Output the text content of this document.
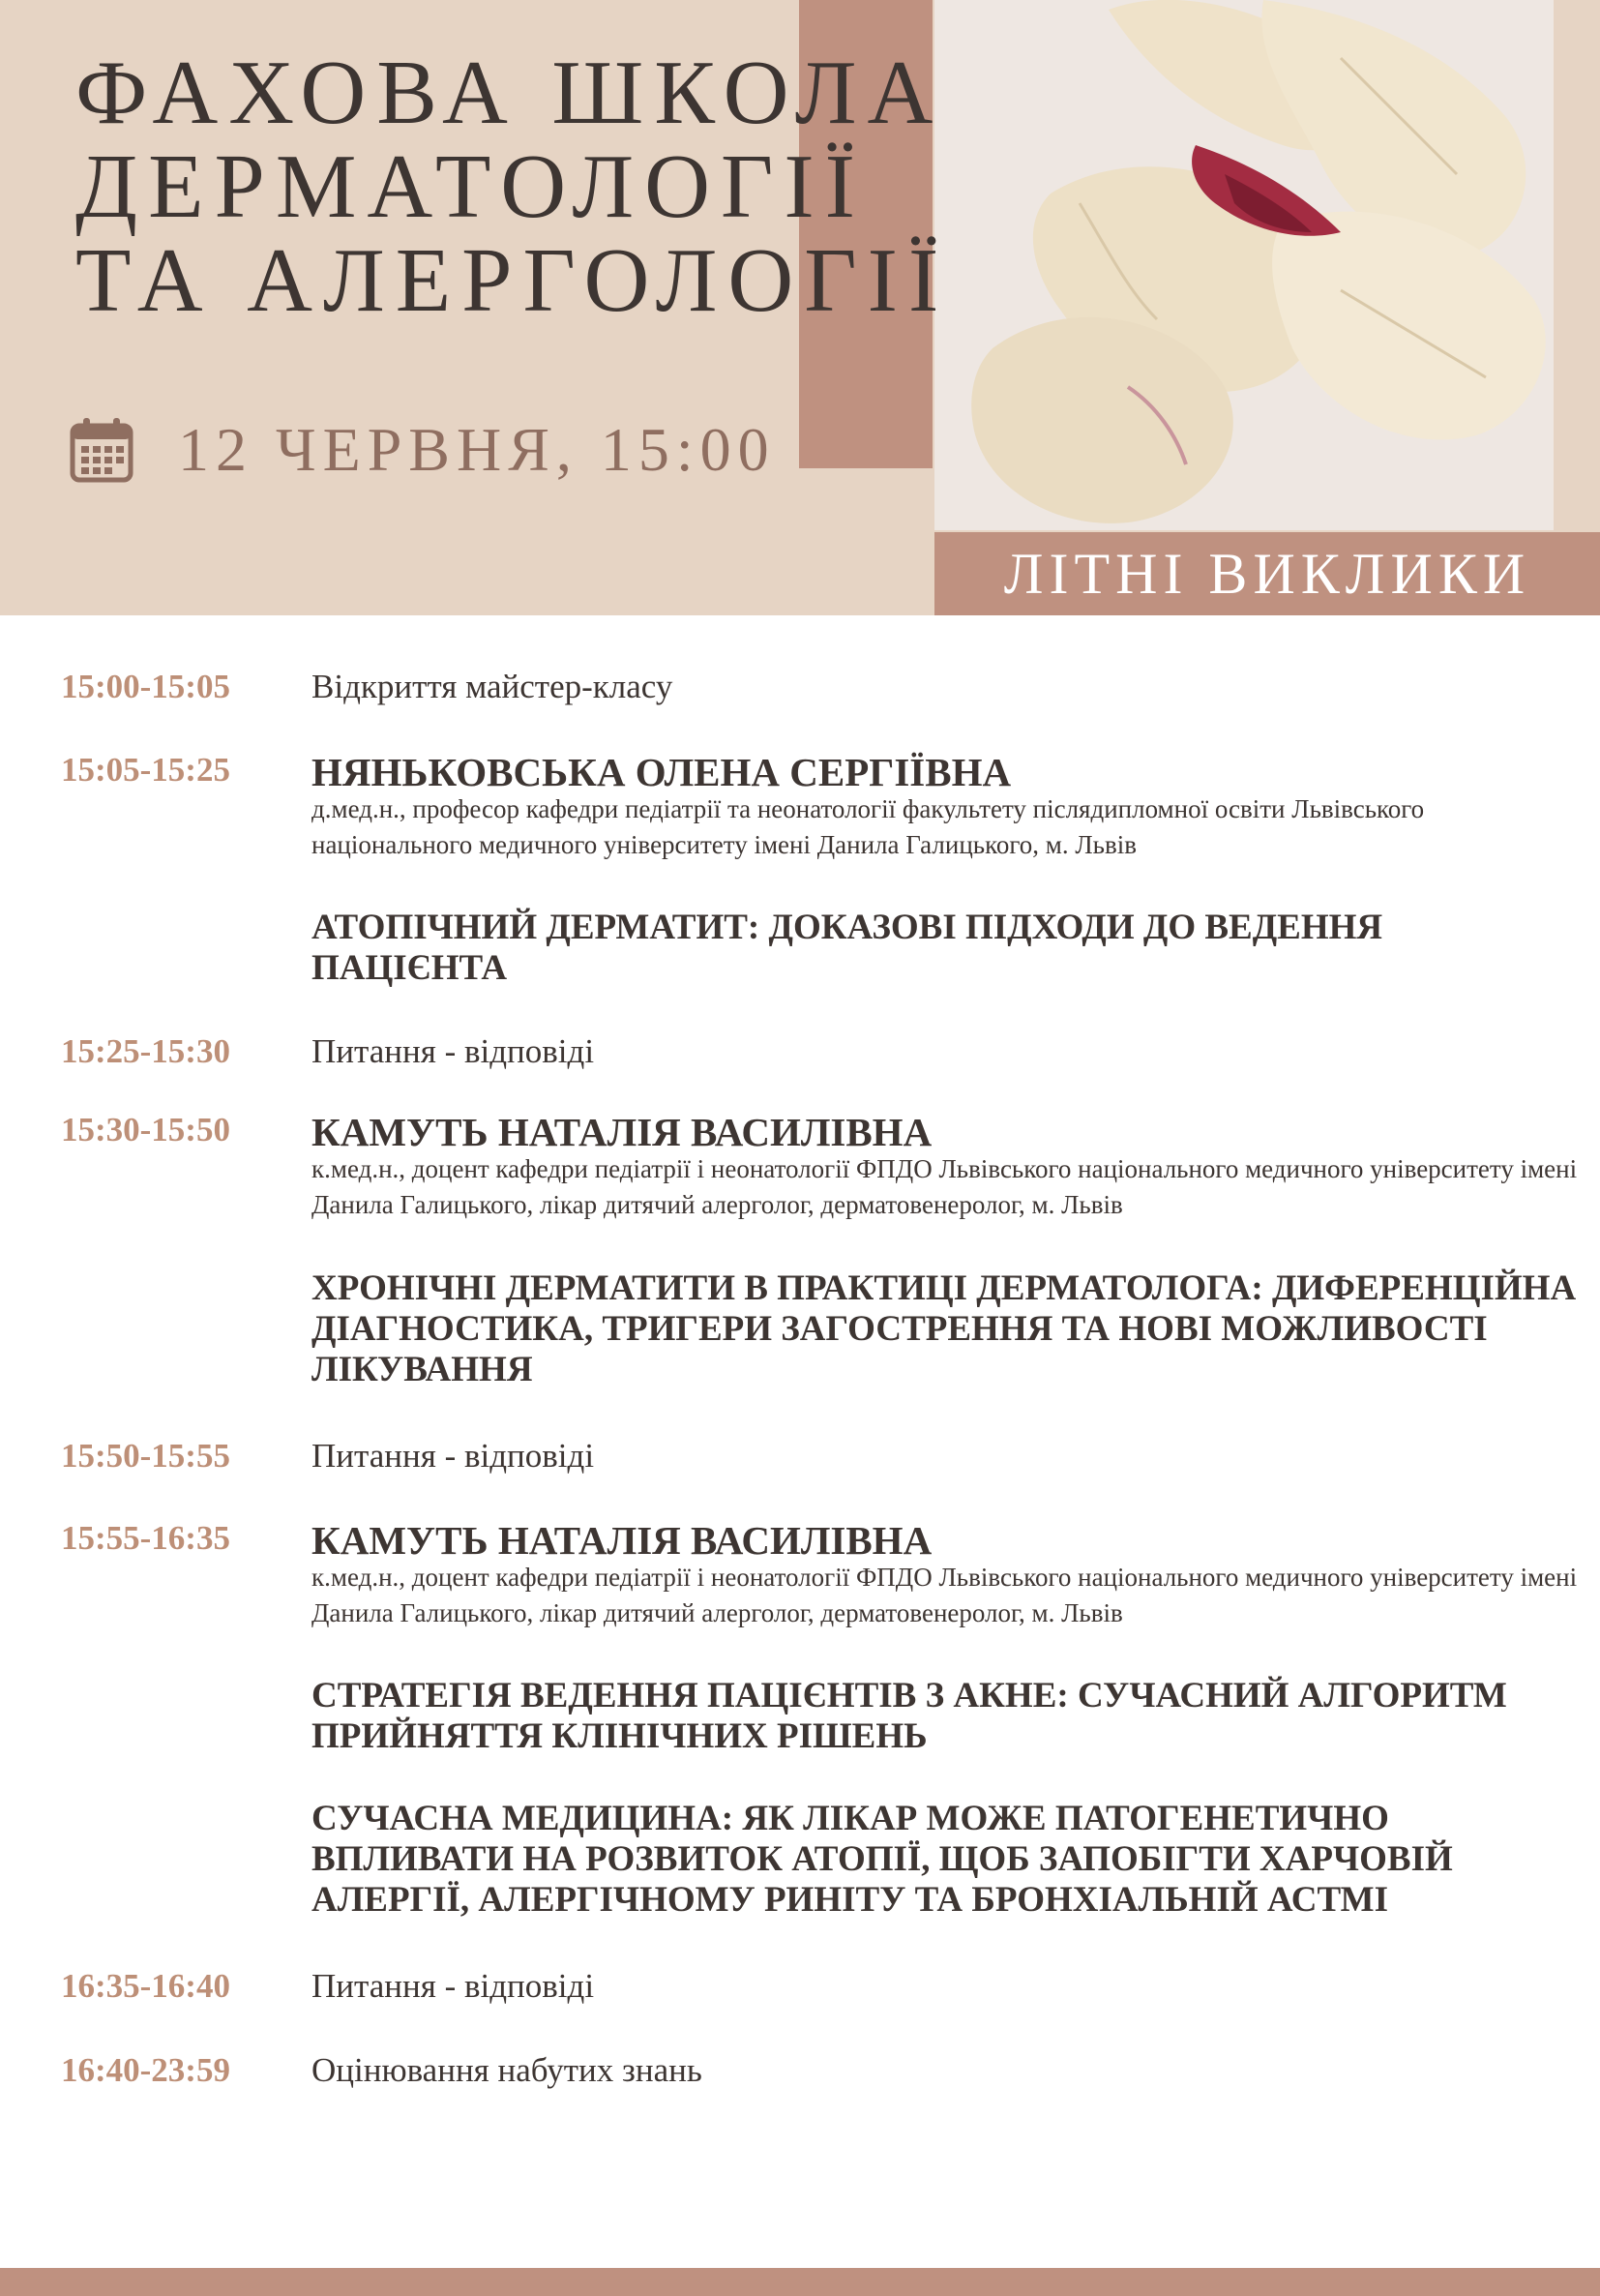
ФАХОВА ШКОЛА
ДЕРМАТОЛОГІЇ
ТА АЛЕРГОЛОГІЇ
12 ЧЕРВНЯ, 15:00
ЛІТНІ ВИКЛИКИ
15:00-15:05 Відкриття майстер-класу
15:05-15:25 НЯНЬКОВСЬКА ОЛЕНА СЕРГІЇВНА
д.мед.н., професор кафедри педіатрії та неонатології факультету післядипломної освіти Львівського національного медичного університету імені Данила Галицького, м. Львів
АТОПІЧНИЙ ДЕРМАТИТ: ДОКАЗОВІ ПІДХОДИ ДО ВЕДЕННЯ ПАЦІЄНТА
15:25-15:30 Питання - відповіді
15:30-15:50 КАМУТЬ НАТАЛІЯ ВАСИЛІВНА
к.мед.н., доцент кафедри педіатрії і неонатології ФПДО Львівського національного медичного університету імені Данила Галицького, лікар дитячий алерголог, дерматовенеролог, м. Львів
ХРОНІЧНІ ДЕРМАТИТИ В ПРАКТИЦІ ДЕРМАТОЛОГА: ДИФЕРЕНЦІЙНА ДІАГНОСТИКА, ТРИГЕРИ ЗАГОСТРЕННЯ ТА НОВІ МОЖЛИВОСТІ ЛІКУВАННЯ
15:50-15:55 Питання - відповіді
15:55-16:35 КАМУТЬ НАТАЛІЯ ВАСИЛІВНА
к.мед.н., доцент кафедри педіатрії і неонатології ФПДО Львівського національного медичного університету імені Данила Галицького, лікар дитячий алерголог, дерматовенеролог, м. Львів
СТРАТЕГІЯ ВЕДЕННЯ ПАЦІЄНТІВ З АКНЕ: СУЧАСНИЙ АЛГОРИТМ ПРИЙНЯТТЯ КЛІНІЧНИХ РІШЕНЬ
СУЧАСНА МЕДИЦИНА: ЯК ЛІКАР МОЖЕ ПАТОГЕНЕТИЧНО ВПЛИВАТИ НА РОЗВИТОК АТОПІЇ, ЩОБ ЗАПОБІГТИ ХАРЧОВІЙ АЛЕРГІЇ, АЛЕРГІЧНОМУ РИНІТУ ТА БРОНХІАЛЬНІЙ АСТМІ
16:35-16:40 Питання - відповіді
16:40-23:59 Оцінювання набутих знань
